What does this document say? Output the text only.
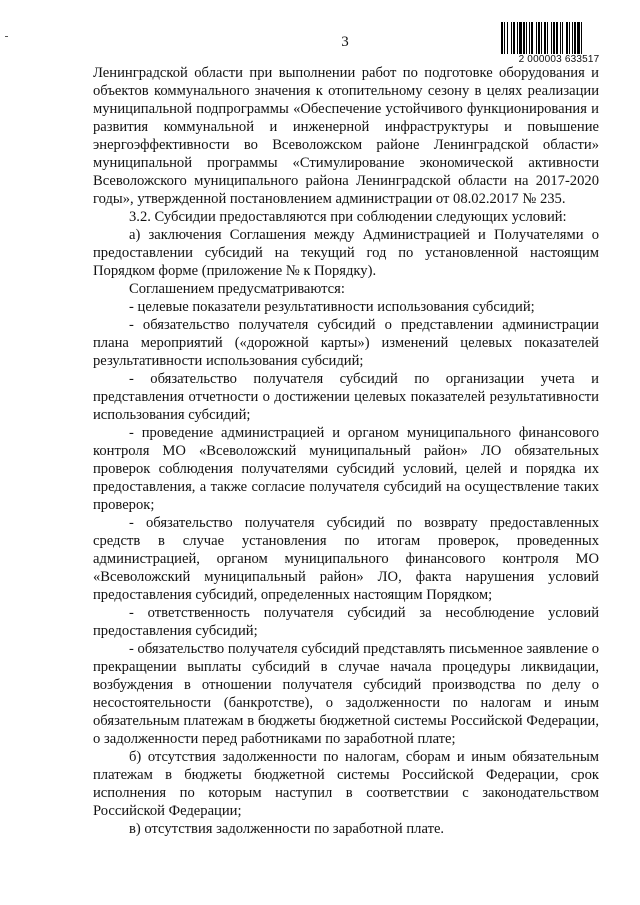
3
2 000003 633517

Ленинградской области при выполнении работ по подготовке оборудования и объектов коммунального значения к отопительному сезону в целях реализации муниципальной подпрограммы «Обеспечение устойчивого функционирования и развития коммунальной и инженерной инфраструктуры и повышение энергоэффективности во Всеволожском районе Ленинградской области» муниципальной программы «Стимулирование экономической активности Всеволожского муниципального района Ленинградской области на 2017-2020 годы», утвержденной постановлением администрации от 08.02.2017 № 235.

3.2. Субсидии предоставляются при соблюдении следующих условий:

а) заключения Соглашения между Администрацией и Получателями о предоставлении субсидий на текущий год по установленной настоящим Порядком форме (приложение № к Порядку).

Соглашением предусматриваются:

- целевые показатели результативности использования субсидий;

- обязательство получателя субсидий о представлении администрации плана мероприятий («дорожной карты») изменений целевых показателей результативности использования субсидий;

- обязательство получателя субсидий по организации учета и представления отчетности о достижении целевых показателей результативности использования субсидий;

- проведение администрацией и органом муниципального финансового контроля МО «Всеволожский муниципальный район» ЛО обязательных проверок соблюдения получателями субсидий условий, целей и порядка их предоставления, а также согласие получателя субсидий на осуществление таких проверок;

- обязательство получателя субсидий по возврату предоставленных средств в случае установления по итогам проверок, проведенных администрацией, органом муниципального финансового контроля МО «Всеволожский муниципальный район» ЛО, факта нарушения условий предоставления субсидий, определенных настоящим Порядком;

- ответственность получателя субсидий за несоблюдение условий предоставления субсидий;

- обязательство получателя субсидий представлять письменное заявление о прекращении выплаты субсидий в случае начала процедуры ликвидации, возбуждения в отношении получателя субсидий производства по делу о несостоятельности (банкротстве), о задолженности по налогам и иным обязательным платежам в бюджеты бюджетной системы Российской Федерации, о задолженности перед работниками по заработной плате;

б) отсутствия задолженности по налогам, сборам и иным обязательным платежам в бюджеты бюджетной системы Российской Федерации, срок исполнения по которым наступил в соответствии с законодательством Российской Федерации;

в) отсутствия задолженности по заработной плате.
